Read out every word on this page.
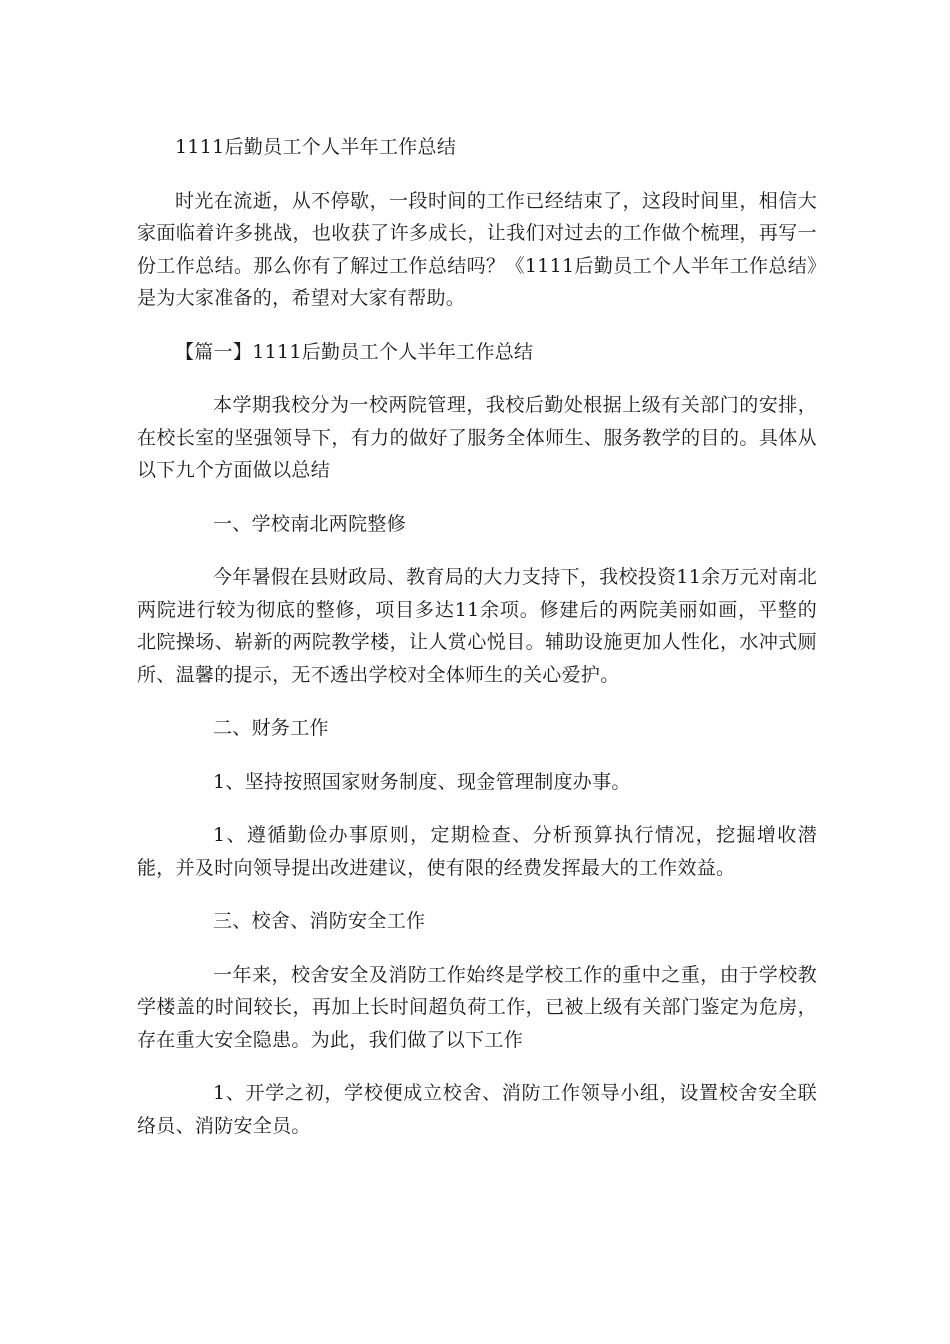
1111后勤员工个人半年工作总结

时光在流逝，从不停歇，一段时间的工作已经结束了，这段时间里，相信大家面临着许多挑战，也收获了许多成长，让我们对过去的工作做个梳理，再写一份工作总结。那么你有了解过工作总结吗？《1111后勤员工个人半年工作总结》是为大家准备的，希望对大家有帮助。

【篇一】1111后勤员工个人半年工作总结

本学期我校分为一校两院管理，我校后勤处根据上级有关部门的安排，在校长室的坚强领导下，有力的做好了服务全体师生、服务教学的目的。具体从以下九个方面做以总结

一、学校南北两院整修

今年暑假在县财政局、教育局的大力支持下，我校投资11余万元对南北两院进行较为彻底的整修，项目多达11余项。修建后的两院美丽如画，平整的北院操场、崭新的两院教学楼，让人赏心悦目。辅助设施更加人性化，水冲式厕所、温馨的提示，无不透出学校对全体师生的关心爱护。

二、财务工作

1、坚持按照国家财务制度、现金管理制度办事。

1、遵循勤俭办事原则，定期检查、分析预算执行情况，挖掘增收潜能，并及时向领导提出改进建议，使有限的经费发挥最大的工作效益。

三、校舍、消防安全工作

一年来，校舍安全及消防工作始终是学校工作的重中之重，由于学校教学楼盖的时间较长，再加上长时间超负荷工作，已被上级有关部门鉴定为危房，存在重大安全隐患。为此，我们做了以下工作

1、开学之初，学校便成立校舍、消防工作领导小组，设置校舍安全联络员、消防安全员。
